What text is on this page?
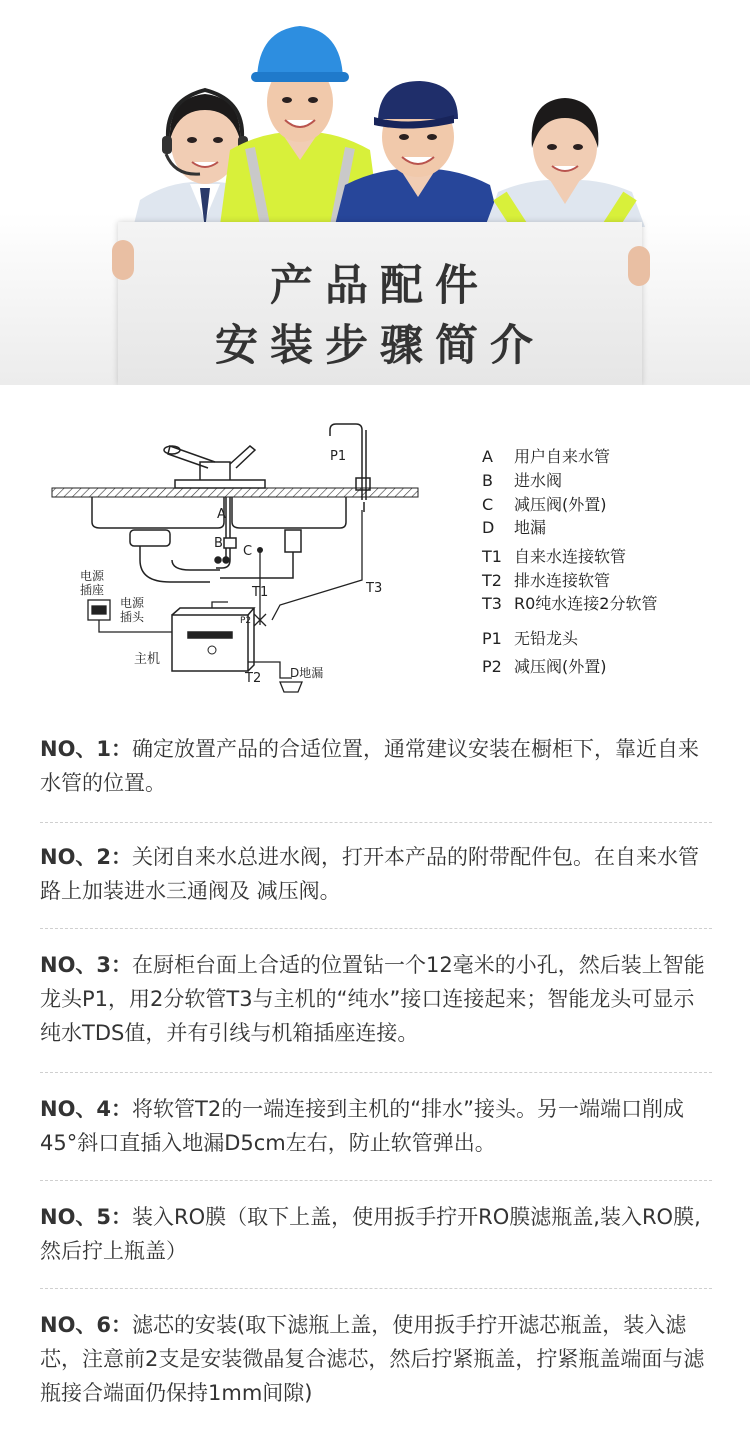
产品配件
安装步骤简介
P1
A
B
C
T1	T3
P2
T2 D地漏
电源
插座
电源
插头
主机
A 用户自来水管
B 进水阀
C 减压阀(外置)
D 地漏
T1 自来水连接软管
T2 排水连接软管
T3 R0纯水连接2分软管
P1 无铅龙头
P2 减压阀(外置)
NO、1：确定放置产品的合适位置，通常建议安装在橱柜下，靠近自来水管的位置。
NO、2：关闭自来水总进水阀，打开本产品的附带配件包。在自来水管路上加装进水三通阀及 减压阀。
NO、3：在厨柜台面上合适的位置钻一个12毫米的小孔，然后装上智能龙头P1，用2分软管T3与主机的“纯水”接口连接起来；智能龙头可显示纯水TDS值，并有引线与机箱插座连接。
NO、4：将软管T2的一端连接到主机的“排水”接头。另一端端口削成45°斜口直插入地漏D5cm左右，防止软管弹出。
NO、5：装入RO膜（取下上盖，使用扳手拧开RO膜滤瓶盖,装入RO膜,然后拧上瓶盖）
NO、6：滤芯的安装(取下滤瓶上盖，使用扳手拧开滤芯瓶盖，装入滤芯，注意前2支是安装微晶复合滤芯，然后拧紧瓶盖，拧紧瓶盖端面与滤瓶接合端面仍保持1mm间隙)
